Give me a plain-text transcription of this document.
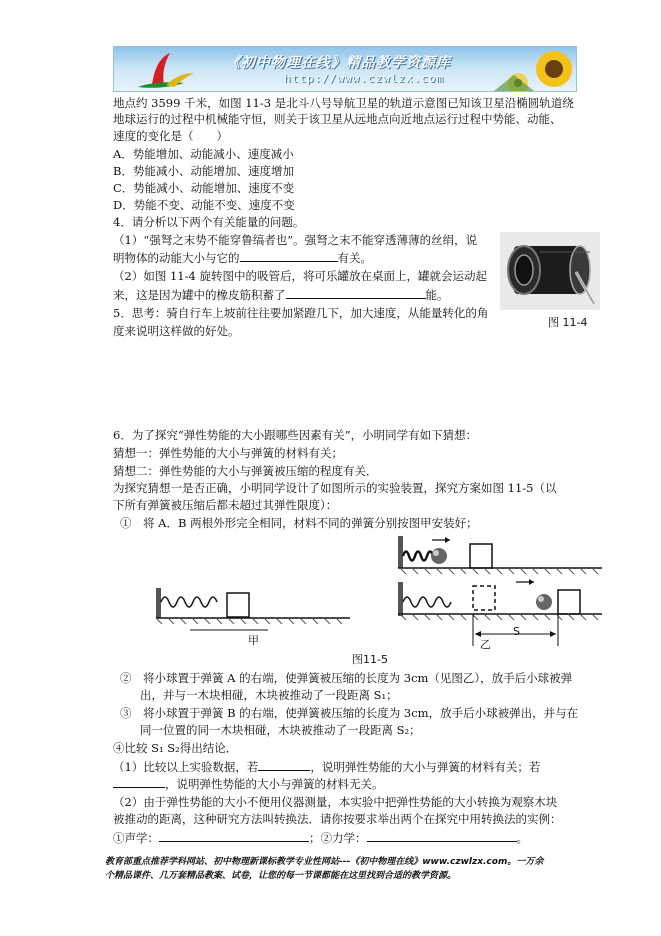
《初中物理在线》精品教学资源库
http://www.czwlzx.com
地点约 3599 千米，如图 11-3 是北斗八号导航卫星的轨道示意图已知该卫星沿椭圆轨道绕
地球运行的过程中机械能守恒，则关于该卫星从远地点向近地点运行过程中势能、动能、
速度的变化是（　　）
A．势能增加、动能减小、速度减小
B．势能减小、动能增加、速度增加
C．势能减小、动能增加、速度不变
D．势能不变、动能不变、速度不变
4．请分析以下两个有关能量的问题。
（1）“强弩之末势不能穿鲁缟者也”。强弩之末不能穿透薄薄的丝绢，说
明物体的动能大小与它的	有关。
（2）如图 11-4 旋转图中的吸管后，将可乐罐放在桌面上，罐就会运动起
来，这是因为罐中的橡皮筋积蓄了	能。
图 11-4
5．思考：骑自行车上坡前往往要加紧蹬几下，加大速度，从能量转化的角
度来说明这样做的好处。
6．为了探究“弹性势能的大小跟哪些因素有关”，小明同学有如下猜想：
猜想一：弹性势能的大小与弹簧的材料有关；
猜想二：弹性势能的大小与弹簧被压缩的程度有关．
为探究猜想一是否正确，小明同学设计了如图所示的实验装置，探究方案如图 11-5（以
下所有弹簧被压缩后都未超过其弹性限度）：
①　将 A．B 两根外形完全相同，材料不同的弹簧分别按图甲安装好；
甲	乙
S
图11-5
②　将小球置于弹簧 A 的右端，使弹簧被压缩的长度为 3cm（见图乙），放手后小球被弹
出，并与一木块相碰，木块被推动了一段距离 S₁；
③　将小球置于弹簧 B 的右端，使弹簧被压缩的长度为 3cm，放手后小球被弹出，并与在
同一位置的同一木块相碰，木块被推动了一段距离 S₂；
④比较 S₁ S₂得出结论．
（1）比较以上实验数据，若	，说明弹性势能的大小与弹簧的材料有关；若
，说明弹性势能的大小与弹簧的材料无关。
（2）由于弹性势能的大小不便用仪器测量，本实验中把弹性势能的大小转换为观察木块
被推动的距离，这种研究方法叫转换法．请你按要求举出两个在探究中用转换法的实例：
①声学：	；②力学：	。
教育部重点推荐学科网站、初中物理新课标教学专业性网站---《初中物理在线》www.czwlzx.com。一万余
个精品课件、几万套精品教案、试卷，让您的每一节课都能在这里找到合适的教学资源。
